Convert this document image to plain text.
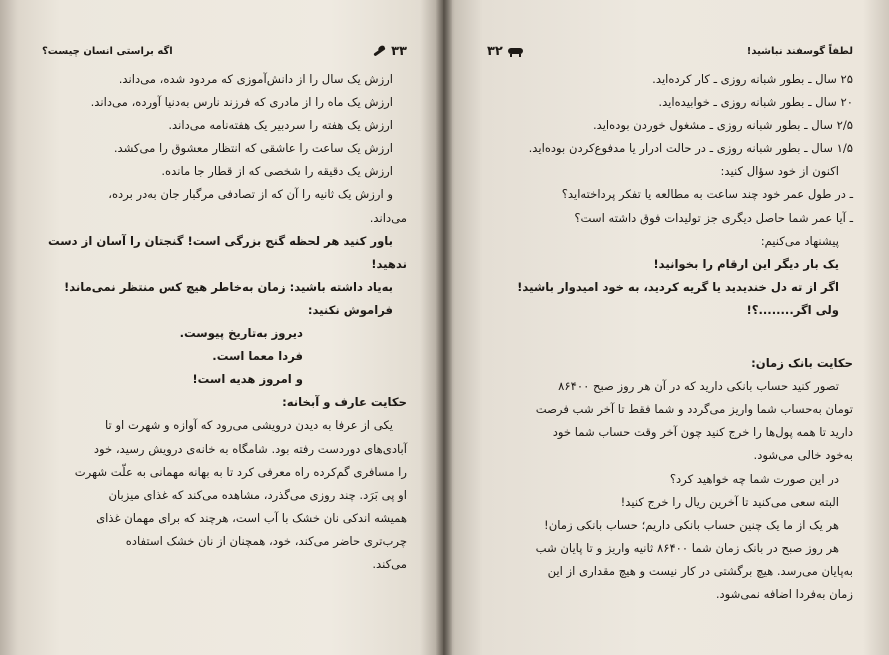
۳۳
اگه براستی انسان چیست؟

ارزش یک سال را از دانش‌آموزی که مردود شده، می‌داند.

ارزش یک ماه را از مادری که فرزند نارس به‌دنیا آورده، می‌داند.

ارزش یک هفته را سردبیر یک هفته‌نامه می‌داند.

ارزش یک ساعت را عاشقی که انتظار معشوق را می‌کشد.

ارزش یک دقیقه را شخصی که از قطار جا مانده.

و ارزش یک ثانیه را آن که از تصادفی مرگبار جان به‌در برده،

می‌داند.

باور کنید هر لحظه گنج بزرگی است! گنجتان را آسان از دست

ندهید!

به‌یاد داشته باشید: زمان به‌خاطر هیچ کس منتظر نمی‌ماند!

فراموش نکنید:

دیروز به‌تاریخ پیوست.

فردا معما است.

و امروز هدیه است!

حکایت عارف و آبخانه:

یکی از عرفا به دیدن درویشی می‌رود که آوازه و شهرت او تا

آبادی‌های دوردست رفته بود. شامگاه به خانه‌ی درویش رسید، خود

را مسافری گم‌کرده راه معرفی کرد تا به بهانه مهمانی به علّت شهرت

او پی بَرَد. چند روزی می‌گذرد، مشاهده می‌کند که غذای میزبان

همیشه اندکی نان خشک با آب است، هرچند که برای مهمان غذای

چرب‌تری حاضر می‌کند، خود، همچنان از نان خشک استفاده

می‌کند.

لطفاً گوسفند نباشید!
۳۲

۲۵ سال ـ بطور شبانه روزی ـ کار کرده‌اید.

۲۰ سال ـ بطور شبانه روزی ـ خوابیده‌اید.

۲/۵ سال ـ بطور شبانه روزی ـ مشغول خوردن بوده‌اید.

۱/۵ سال ـ بطور شبانه روزی ـ در حالت ادرار یا مدفوع‌کردن بوده‌اید.

اکنون از خود سؤال کنید:

ـ در طول عمر خود چند ساعت به مطالعه یا تفکر پرداخته‌اید؟

ـ آیا عمر شما حاصل دیگری جز تولیدات فوق داشته است؟

پیشنهاد می‌کنیم:

یک بار دیگر این ارقام را بخوانید!

اگر از ته دل خندیدید یا گریه کردید، به خود امیدوار باشید!

ولی اگر........؟!

حکایت بانک زمان:

تصور کنید حساب بانکی دارید که در آن هر روز صبح ۸۶۴۰۰

تومان به‌حساب شما واریز می‌گردد و شما فقط تا آخر شب فرصت

دارید تا همه پول‌ها را خرج کنید چون آخر وقت حساب شما خود

به‌خود خالی می‌شود.

در این صورت شما چه خواهید کرد؟

البته سعی می‌کنید تا آخرین ریال را خرج کنید!

هر یک از ما یک چنین حساب بانکی داریم؛ حساب بانکی زمان!

هر روز صبح در بانک زمان شما ۸۶۴۰۰ ثانیه واریز و تا پایان شب

به‌پایان می‌رسد. هیچ برگشتی در کار نیست و هیچ مقداری از این

زمان به‌فردا اضافه نمی‌شود.
